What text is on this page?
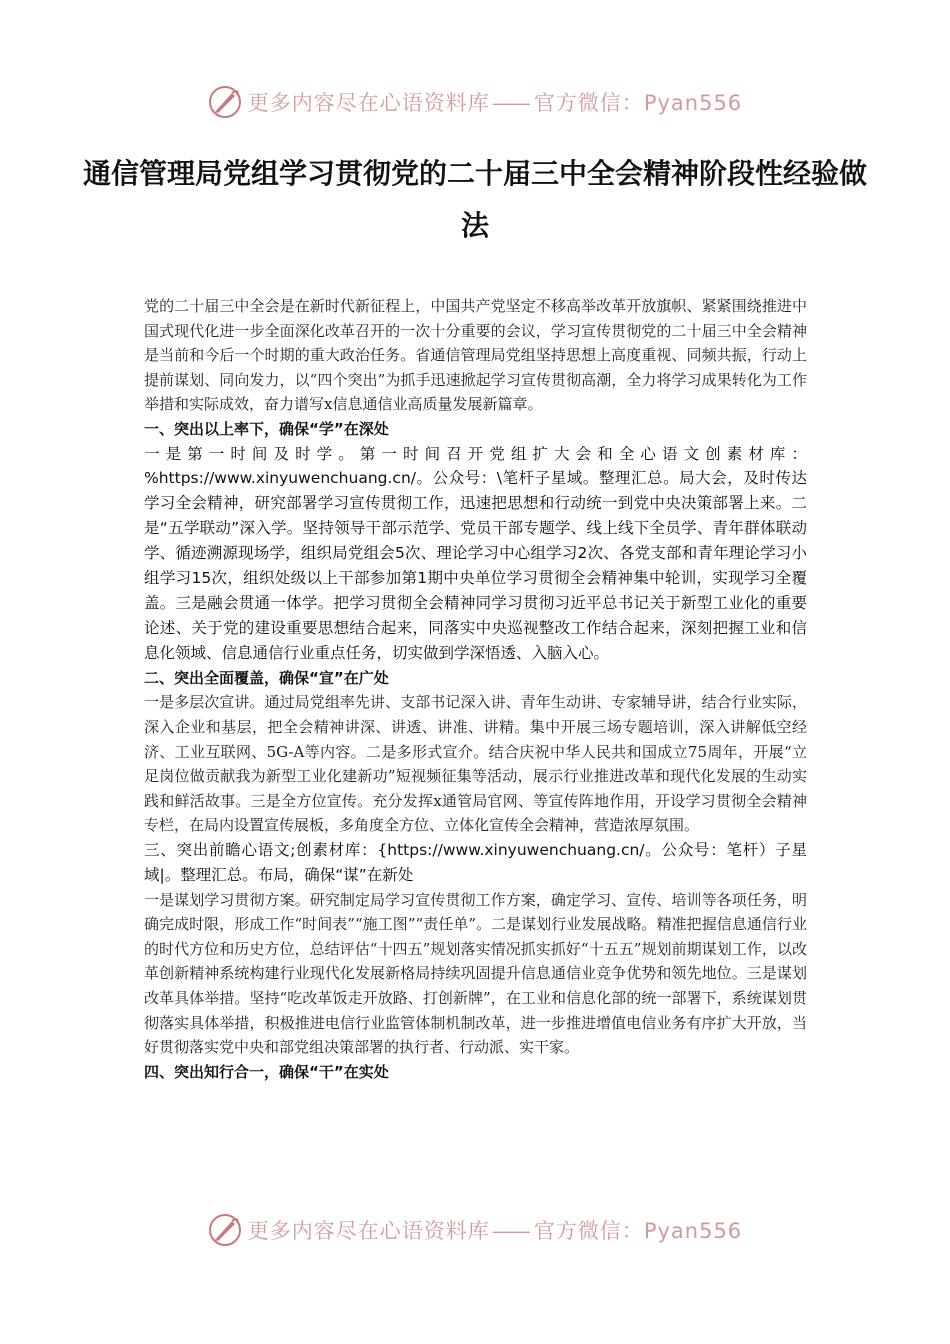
更多内容尽在心语资料库—— 官方微信：Pyan556
通信管理局党组学习贯彻党的二十届三中全会精神阶段性经验做法

党的二十届三中全会是在新时代新征程上，中国共产党坚定不移高举改革开放旗帜、紧紧围绕推进中国式现代化进一步全面深化改革召开的一次十分重要的会议，学习宣传贯彻党的二十届三中全会精神是当前和今后一个时期的重大政治任务。省通信管理局党组坚持思想上高度重视、同频共振，行动上提前谋划、同向发力，以“四个突出”为抓手迅速掀起学习宣传贯彻高潮，全力将学习成果转化为工作举措和实际成效，奋力谱写x信息通信业高质量发展新篇章。

一、突出以上率下，确保“学”在深处

一是第一时间及时学。第一时间召开党组扩大会和全心语文创素材库：%https://www.xinyuwenchuang.cn/。公众号：\笔杆子星域。整理汇总。局大会，及时传达学习全会精神，研究部署学习宣传贯彻工作，迅速把思想和行动统一到党中央决策部署上来。二是“五学联动”深入学。坚持领导干部示范学、党员干部专题学、线上线下全员学、青年群体联动学、循迹溯源现场学，组织局党组会5次、理论学习中心组学习2次、各党支部和青年理论学习小组学习15次，组织处级以上干部参加第1期中央单位学习贯彻全会精神集中轮训，实现学习全覆盖。三是融会贯通一体学。把学习贯彻全会精神同学习贯彻习近平总书记关于新型工业化的重要论述、关于党的建设重要思想结合起来，同落实中央巡视整改工作结合起来，深刻把握工业和信息化领域、信息通信行业重点任务，切实做到学深悟透、入脑入心。

二、突出全面覆盖，确保“宣”在广处

一是多层次宣讲。通过局党组率先讲、支部书记深入讲、青年生动讲、专家辅导讲，结合行业实际，深入企业和基层，把全会精神讲深、讲透、讲准、讲精。集中开展三场专题培训，深入讲解低空经济、工业互联网、5G-A等内容。二是多形式宣介。结合庆祝中华人民共和国成立75周年，开展“立足岗位做贡献我为新型工业化建新功”短视频征集等活动，展示行业推进改革和现代化发展的生动实践和鲜活故事。三是全方位宣传。充分发挥x通管局官网、等宣传阵地作用，开设学习贯彻全会精神专栏，在局内设置宣传展板，多角度全方位、立体化宣传全会精神，营造浓厚氛围。

三、突出前瞻心语文;创素材库：{https://www.xinyuwenchuang.cn/。公众号：笔杆）子星域|。整理汇总。布局，确保“谋”在新处

一是谋划学习贯彻方案。研究制定局学习宣传贯彻工作方案，确定学习、宣传、培训等各项任务，明确完成时限，形成工作“时间表”“施工图”“责任单”。二是谋划行业发展战略。精准把握信息通信行业的时代方位和历史方位，总结评估“十四五”规划落实情况抓实抓好“十五五”规划前期谋划工作，以改革创新精神系统构建行业现代化发展新格局持续巩固提升信息通信业竞争优势和领先地位。三是谋划改革具体举措。坚持“吃改革饭走开放路、打创新牌”，在工业和信息化部的统一部署下，系统谋划贯彻落实具体举措，积极推进电信行业监管体制机制改革，进一步推进增值电信业务有序扩大开放，当好贯彻落实党中央和部党组决策部署的执行者、行动派、实干家。

四、突出知行合一，确保“干”在实处

更多内容尽在心语资料库—— 官方微信：Pyan556
